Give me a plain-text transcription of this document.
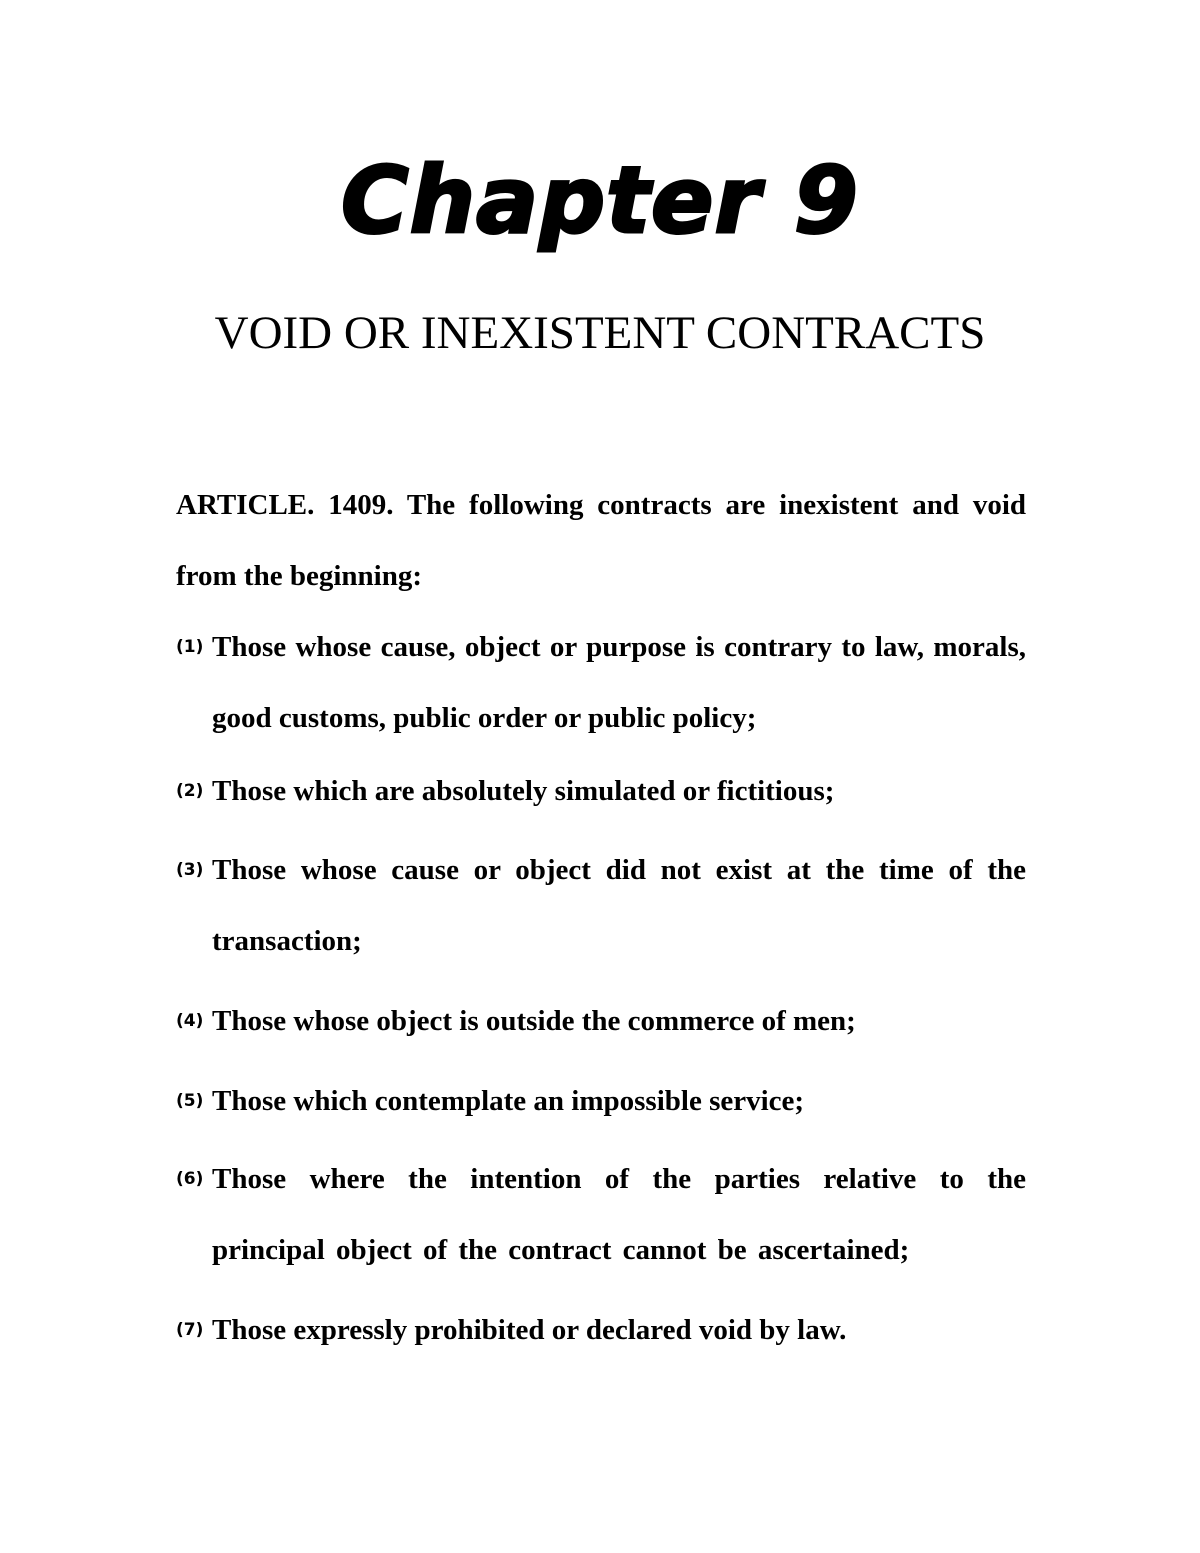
Chapter 9
VOID OR INEXISTENT CONTRACTS
ARTICLE. 1409. The following contracts are inexistent and void from the beginning:
(1) Those whose cause, object or purpose is contrary to law, morals, good customs, public order or public policy;
(2) Those which are absolutely simulated or fictitious;
(3) Those whose cause or object did not exist at the time of the transaction;
(4) Those whose object is outside the commerce of men;
(5) Those which contemplate an impossible service;
(6) Those where the intention of the parties relative to the principal object of the contract cannot be ascertained;
(7) Those expressly prohibited or declared void by law.
